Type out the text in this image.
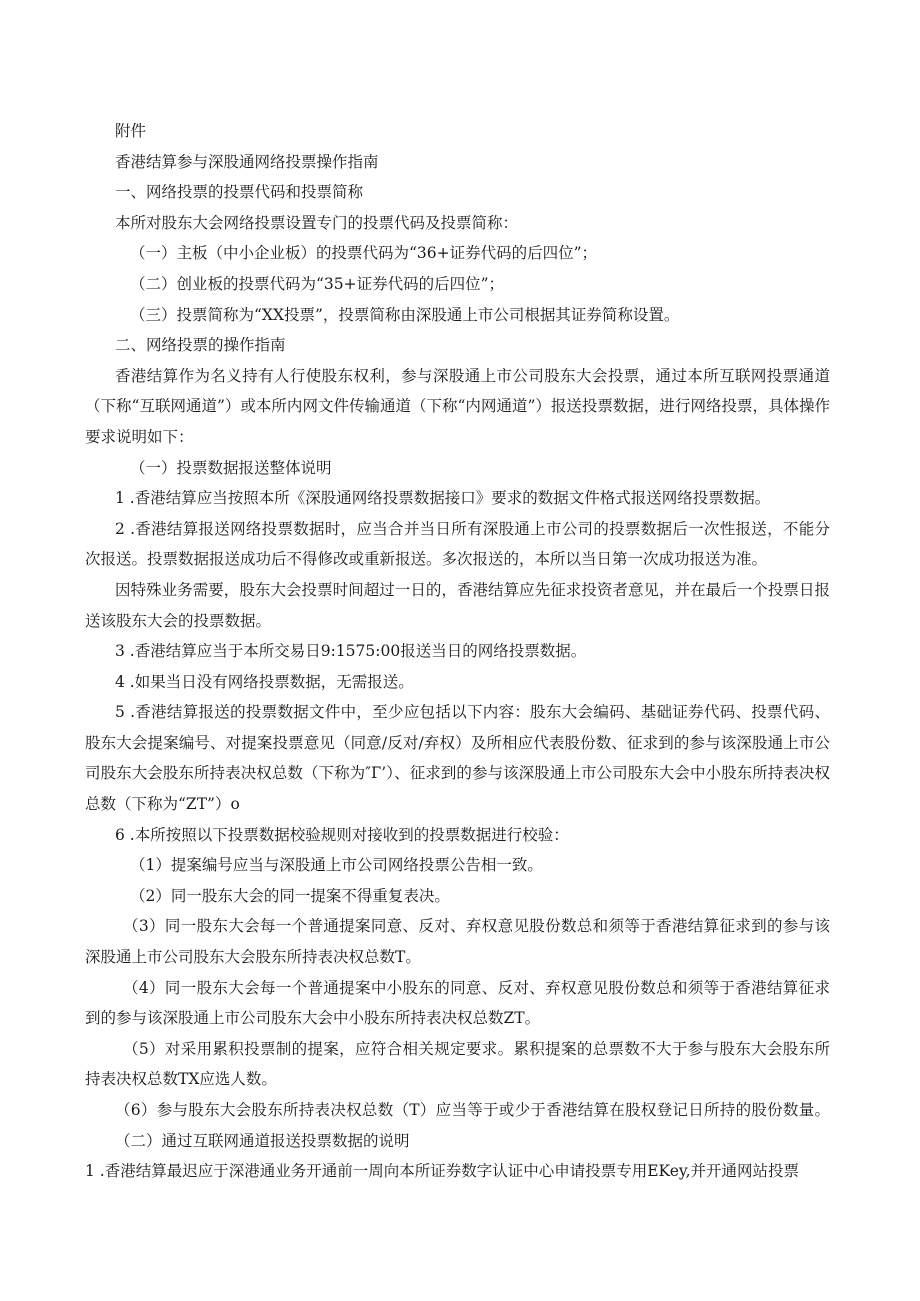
附件

香港结算参与深股通网络投票操作指南

一、网络投票的投票代码和投票简称

本所对股东大会网络投票设置专门的投票代码及投票简称：

（一）主板（中小企业板）的投票代码为“36+证券代码的后四位”；

（二）创业板的投票代码为“35+证券代码的后四位”；

（三）投票简称为“XX投票”，投票简称由深股通上市公司根据其证券简称设置。

二、网络投票的操作指南

香港结算作为名义持有人行使股东权利，参与深股通上市公司股东大会投票，通过本所互联网投票通道（下称“互联网通道”）或本所内网文件传输通道（下称“内网通道”）报送投票数据，进行网络投票，具体操作要求说明如下：

（一）投票数据报送整体说明

1 .香港结算应当按照本所《深股通网络投票数据接口》要求的数据文件格式报送网络投票数据。

2 .香港结算报送网络投票数据时，应当合并当日所有深股通上市公司的投票数据后一次性报送，不能分次报送。投票数据报送成功后不得修改或重新报送。多次报送的，本所以当日第一次成功报送为准。

因特殊业务需要，股东大会投票时间超过一日的，香港结算应先征求投资者意见，并在最后一个投票日报送该股东大会的投票数据。

3 .香港结算应当于本所交易日9:1575:00报送当日的网络投票数据。

4 .如果当日没有网络投票数据，无需报送。

5 .香港结算报送的投票数据文件中，至少应包括以下内容：股东大会编码、基础证券代码、投票代码、股东大会提案编号、对提案投票意见（同意/反对/弃权）及所相应代表股份数、征求到的参与该深股通上市公司股东大会股东所持表决权总数（下称为″Г’）、征求到的参与该深股通上市公司股东大会中小股东所持表决权总数（下称为“ZT”）o

6 .本所按照以下投票数据校验规则对接收到的投票数据进行校验：

（1）提案编号应当与深股通上市公司网络投票公告相一致。

（2）同一股东大会的同一提案不得重复表决。

（3）同一股东大会每一个普通提案同意、反对、弃权意见股份数总和须等于香港结算征求到的参与该深股通上市公司股东大会股东所持表决权总数T。

（4）同一股东大会每一个普通提案中小股东的同意、反对、弃权意见股份数总和须等于香港结算征求到的参与该深股通上市公司股东大会中小股东所持表决权总数ZT。

（5）对采用累积投票制的提案，应符合相关规定要求。累积提案的总票数不大于参与股东大会股东所持表决权总数TX应选人数。

（6）参与股东大会股东所持表决权总数（T）应当等于或少于香港结算在股权登记日所持的股份数量。（二）通过互联网通道报送投票数据的说明

1 .香港结算最迟应于深港通业务开通前一周向本所证券数字认证中心申请投票专用EKey,并开通网站投票
